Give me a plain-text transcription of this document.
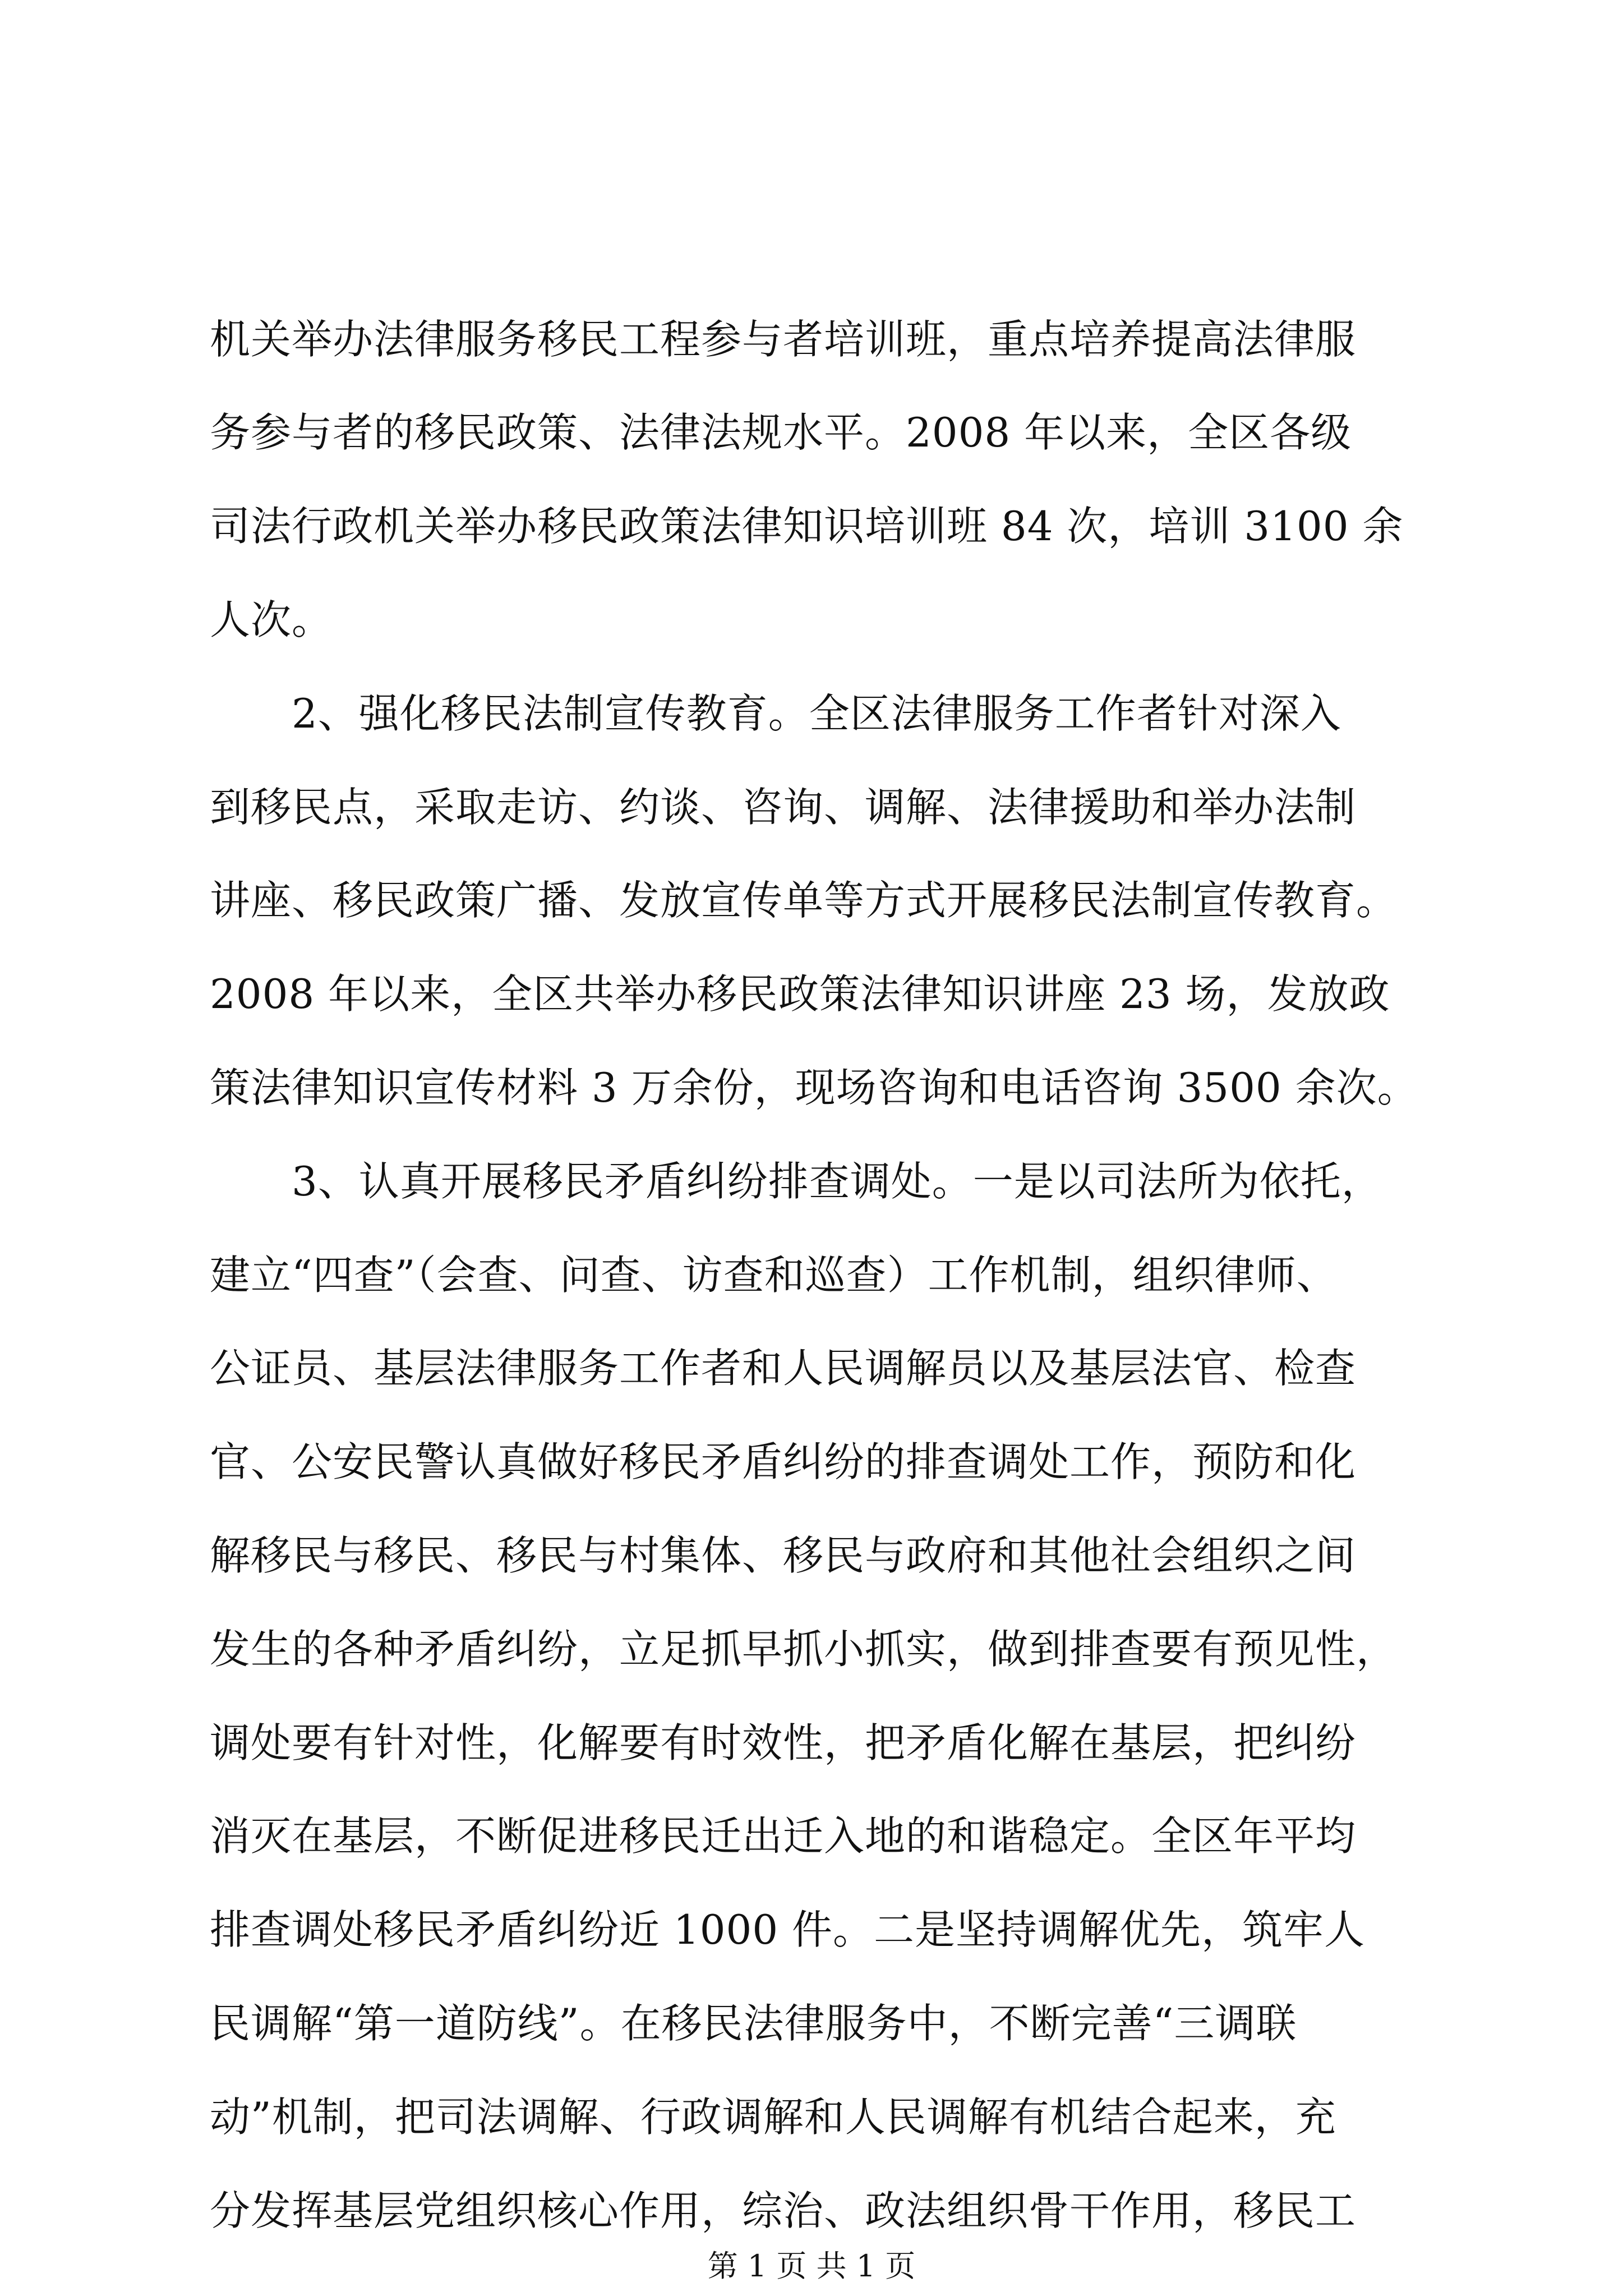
机关举办法律服务移民工程参与者培训班，重点培养提高法律服
务参与者的移民政策、法律法规水平。2008 年以来，全区各级
司法行政机关举办移民政策法律知识培训班 84 次，培训 3100 余
人次。
2、强化移民法制宣传教育。全区法律服务工作者针对深入
到移民点，采取走访、约谈、咨询、调解、法律援助和举办法制
讲座、移民政策广播、发放宣传单等方式开展移民法制宣传教育。
2008 年以来，全区共举办移民政策法律知识讲座 23 场，发放政
策法律知识宣传材料 3 万余份，现场咨询和电话咨询 3500 余次。
3、认真开展移民矛盾纠纷排查调处。一是以司法所为依托，
建立“四查”（会查、问查、访查和巡查）工作机制，组织律师、
公证员、基层法律服务工作者和人民调解员以及基层法官、检查
官、公安民警认真做好移民矛盾纠纷的排查调处工作，预防和化
解移民与移民、移民与村集体、移民与政府和其他社会组织之间
发生的各种矛盾纠纷，立足抓早抓小抓实，做到排查要有预见性，
调处要有针对性，化解要有时效性，把矛盾化解在基层，把纠纷
消灭在基层，不断促进移民迁出迁入地的和谐稳定。全区年平均
排查调处移民矛盾纠纷近 1000 件。二是坚持调解优先，筑牢人
民调解“第一道防线”。在移民法律服务中，不断完善“三调联
动”机制，把司法调解、行政调解和人民调解有机结合起来，充
分发挥基层党组织核心作用，综治、政法组织骨干作用，移民工
第 1 页 共 1 页
